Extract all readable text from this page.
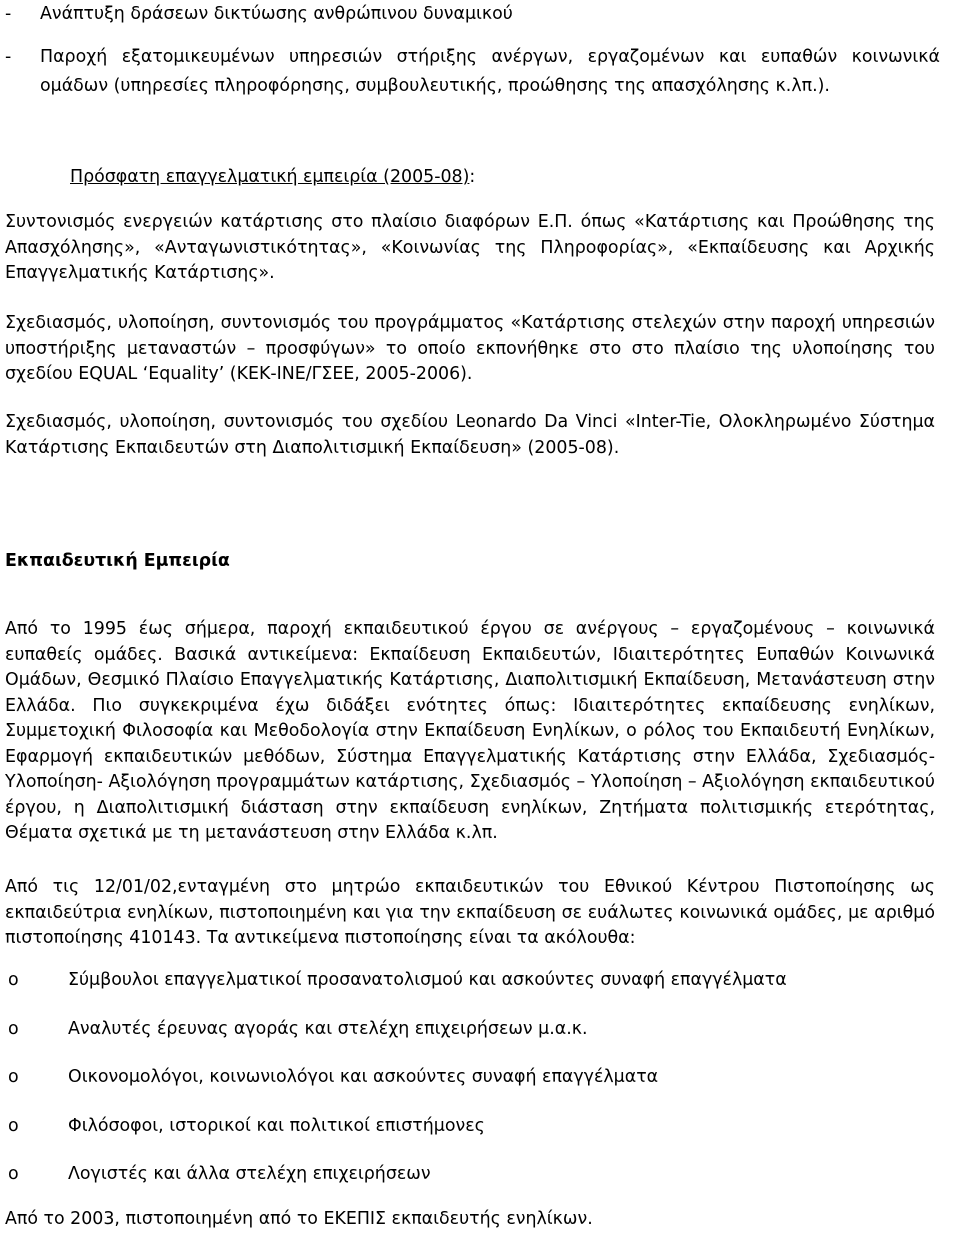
- Ανάπτυξη δράσεων δικτύωσης ανθρώπινου δυναμικού
- Παροχή εξατομικευμένων υπηρεσιών στήριξης ανέργων, εργαζομένων και ευπαθών κοινωνικά ομάδων (υπηρεσίες πληροφόρησης, συμβουλευτικής, προώθησης της απασχόλησης κ.λπ.).
Πρόσφατη επαγγελματική εμπειρία (2005-08):
Συντονισμός ενεργειών κατάρτισης στο πλαίσιο διαφόρων Ε.Π. όπως «Κατάρτισης και Προώθησης της Απασχόλησης», «Ανταγωνιστικότητας», «Κοινωνίας της Πληροφορίας», «Εκπαίδευσης και Αρχικής Επαγγελματικής Κατάρτισης».
Σχεδιασμός, υλοποίηση, συντονισμός του προγράμματος «Κατάρτισης στελεχών στην παροχή υπηρεσιών υποστήριξης μεταναστών – προσφύγων» το οποίο εκπονήθηκε στο στο πλαίσιο της υλοποίησης του σχεδίου EQUAL ‘Equality’ (ΚΕΚ-ΙΝΕ/ΓΣΕΕ, 2005-2006).
Σχεδιασμός, υλοποίηση, συντονισμός του σχεδίου Leonardo Da Vinci «Inter-Tie, Ολοκληρωμένο Σύστημα Κατάρτισης Εκπαιδευτών στη Διαπολιτισμική Εκπαίδευση» (2005-08).
Εκπαιδευτική Εμπειρία
Από το 1995 έως σήμερα, παροχή εκπαιδευτικού έργου σε ανέργους – εργαζομένους – κοινωνικά ευπαθείς ομάδες. Βασικά αντικείμενα: Εκπαίδευση Εκπαιδευτών, Ιδιαιτερότητες Ευπαθών Κοινωνικά Ομάδων, Θεσμικό Πλαίσιο Επαγγελματικής Κατάρτισης, Διαπολιτισμική Εκπαίδευση, Μετανάστευση στην Ελλάδα. Πιο συγκεκριμένα έχω διδάξει ενότητες όπως: Ιδιαιτερότητες εκπαίδευσης ενηλίκων, Συμμετοχική Φιλοσοφία και Μεθοδολογία στην Εκπαίδευση Ενηλίκων, ο ρόλος του Εκπαιδευτή Ενηλίκων, Εφαρμογή εκπαιδευτικών μεθόδων, Σύστημα Επαγγελματικής Κατάρτισης στην Ελλάδα, Σχεδιασμός-Υλοποίηση- Αξιολόγηση προγραμμάτων κατάρτισης, Σχεδιασμός – Υλοποίηση – Αξιολόγηση εκπαιδευτικού έργου, η Διαπολιτισμική διάσταση στην εκπαίδευση ενηλίκων, Ζητήματα πολιτισμικής ετερότητας, Θέματα σχετικά με τη μετανάστευση στην Ελλάδα κ.λπ.
Από τις 12/01/02,ενταγμένη στο μητρώο εκπαιδευτικών του Εθνικού Κέντρου Πιστοποίησης ως εκπαιδεύτρια ενηλίκων, πιστοποιημένη και για την εκπαίδευση σε ευάλωτες κοινωνικά ομάδες, με αριθμό πιστοποίησης 410143. Τα αντικείμενα πιστοποίησης είναι τα ακόλουθα:
o	Σύμβουλοι επαγγελματικοί προσανατολισμού και ασκούντες συναφή επαγγέλματα
o	Αναλυτές έρευνας αγοράς και στελέχη επιχειρήσεων μ.α.κ.
o	Οικονομολόγοι, κοινωνιολόγοι και ασκούντες συναφή επαγγέλματα
o	Φιλόσοφοι, ιστορικοί και πολιτικοί επιστήμονες
o	Λογιστές και άλλα στελέχη επιχειρήσεων
Από το 2003, πιστοποιημένη από το ΕΚΕΠΙΣ εκπαιδευτής ενηλίκων.
